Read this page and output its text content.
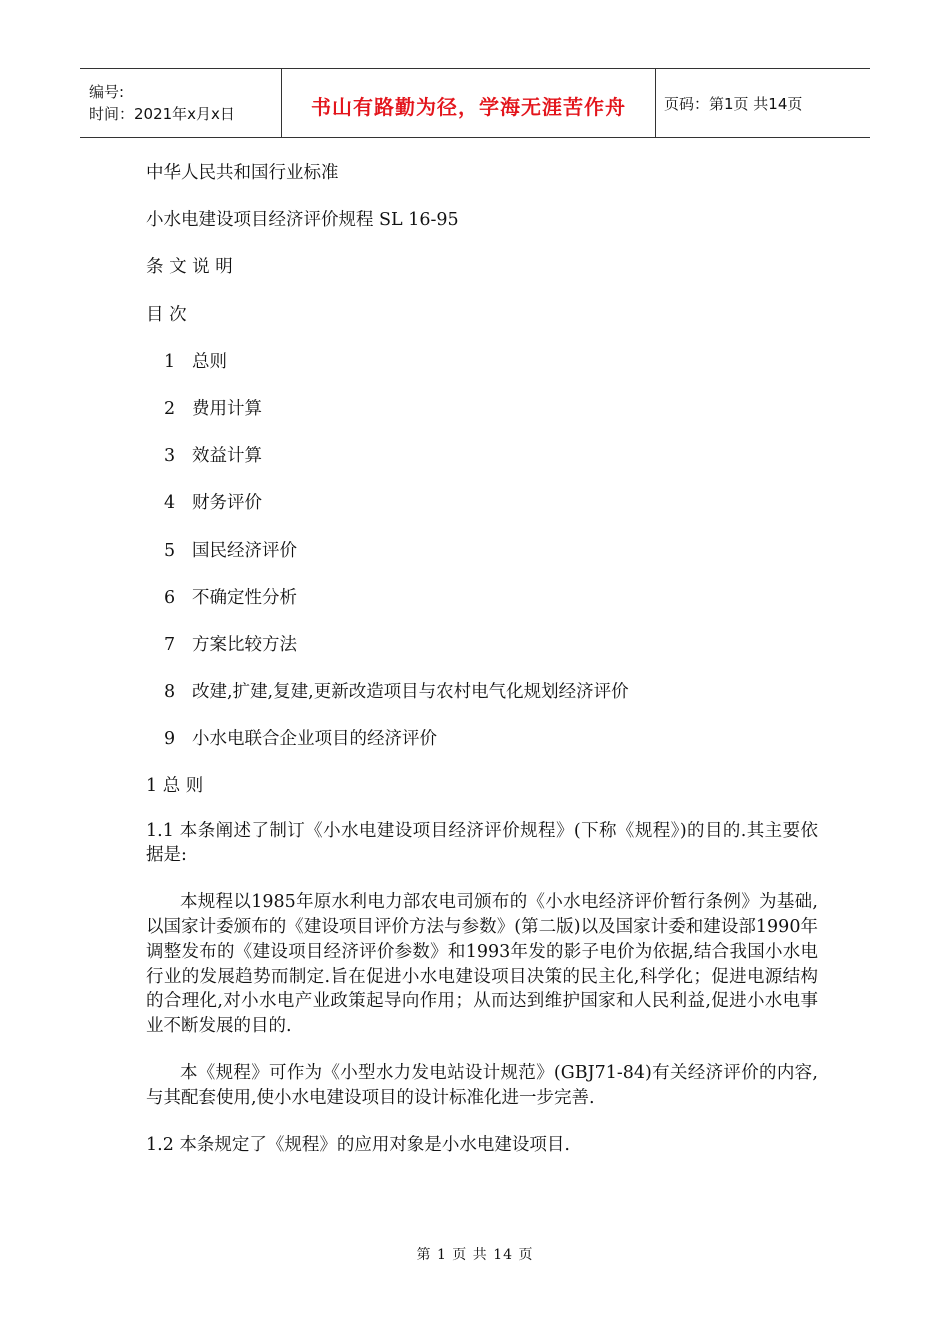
编号:
时间：2021年x月x日	书山有路勤为径，学海无涯苦作舟	页码：第1页 共14页
中华人民共和国行业标准
小水电建设项目经济评价规程 SL 16-95
条 文 说 明
目 次
1 总则
2 费用计算
3 效益计算
4 财务评价
5 国民经济评价
6 不确定性分析
7 方案比较方法
8 改建,扩建,复建,更新改造项目与农村电气化规划经济评价
9 小水电联合企业项目的经济评价
1 总 则
1.1 本条阐述了制订《小水电建设项目经济评价规程》(下称《规程》)的目的.其主要依据是:
本规程以1985年原水利电力部农电司颁布的《小水电经济评价暂行条例》为基础,以国家计委颁布的《建设项目评价方法与参数》(第二版)以及国家计委和建设部1990年调整发布的《建设项目经济评价参数》和1993年发的影子电价为依据,结合我国小水电行业的发展趋势而制定.旨在促进小水电建设项目决策的民主化,科学化；促进电源结构的合理化,对小水电产业政策起导向作用；从而达到维护国家和人民利益,促进小水电事业不断发展的目的.
本《规程》可作为《小型水力发电站设计规范》(GBJ71-84)有关经济评价的内容,与其配套使用,使小水电建设项目的设计标准化进一步完善.
1.2 本条规定了《规程》的应用对象是小水电建设项目.
第 1 页 共 14 页
